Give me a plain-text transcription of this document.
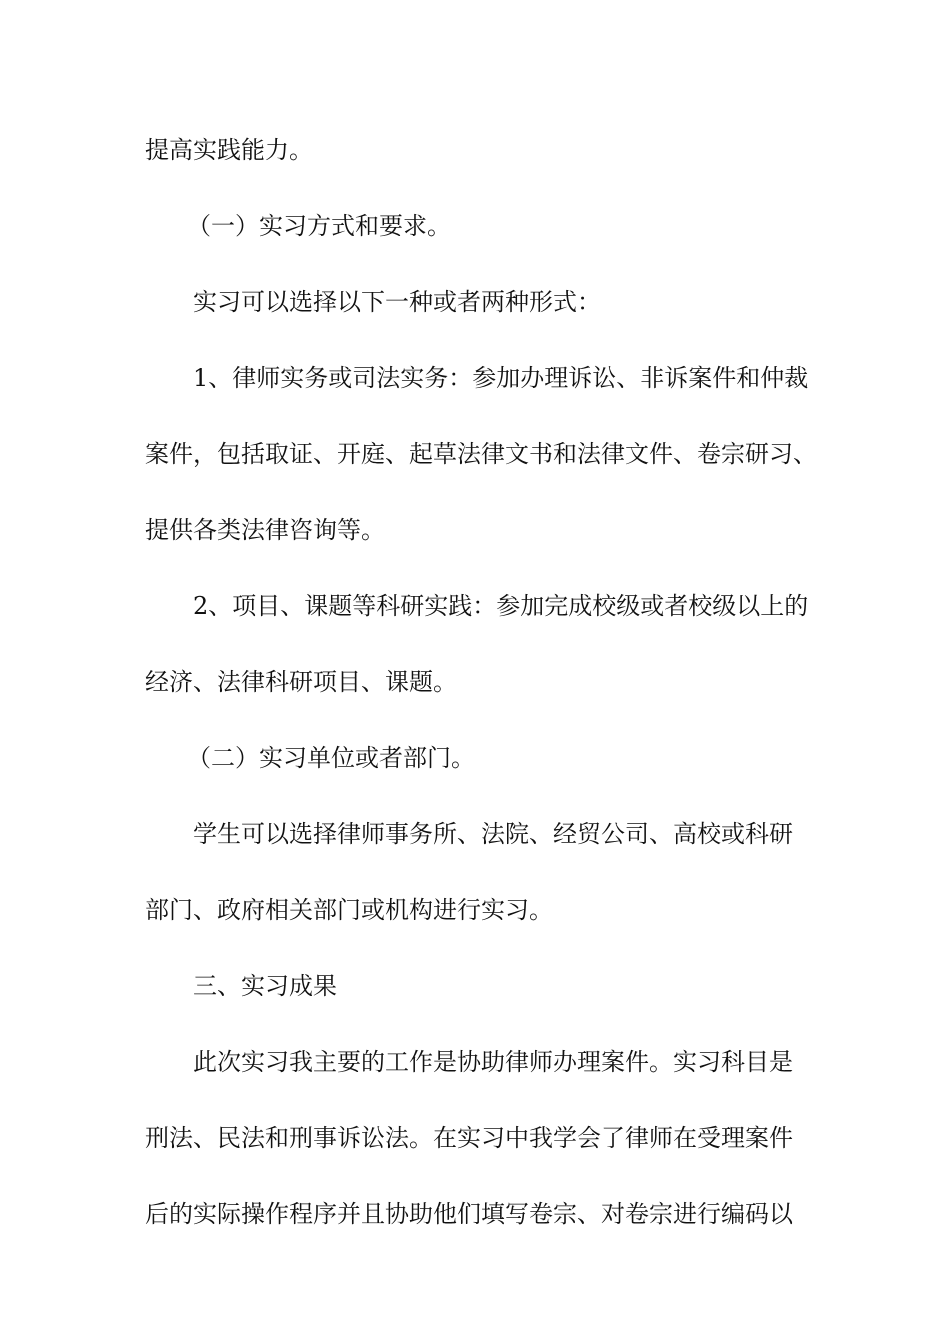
提高实践能力。
（一）实习方式和要求。
实习可以选择以下一种或者两种形式：
1、律师实务或司法实务：参加办理诉讼、非诉案件和仲裁
案件，包括取证、开庭、起草法律文书和法律文件、卷宗研习、
提供各类法律咨询等。
2、项目、课题等科研实践：参加完成校级或者校级以上的
经济、法律科研项目、课题。
（二）实习单位或者部门。
学生可以选择律师事务所、法院、经贸公司、高校或科研
部门、政府相关部门或机构进行实习。
三、实习成果
此次实习我主要的工作是协助律师办理案件。实习科目是
刑法、民法和刑事诉讼法。在实习中我学会了律师在受理案件
后的实际操作程序并且协助他们填写卷宗、对卷宗进行编码以
